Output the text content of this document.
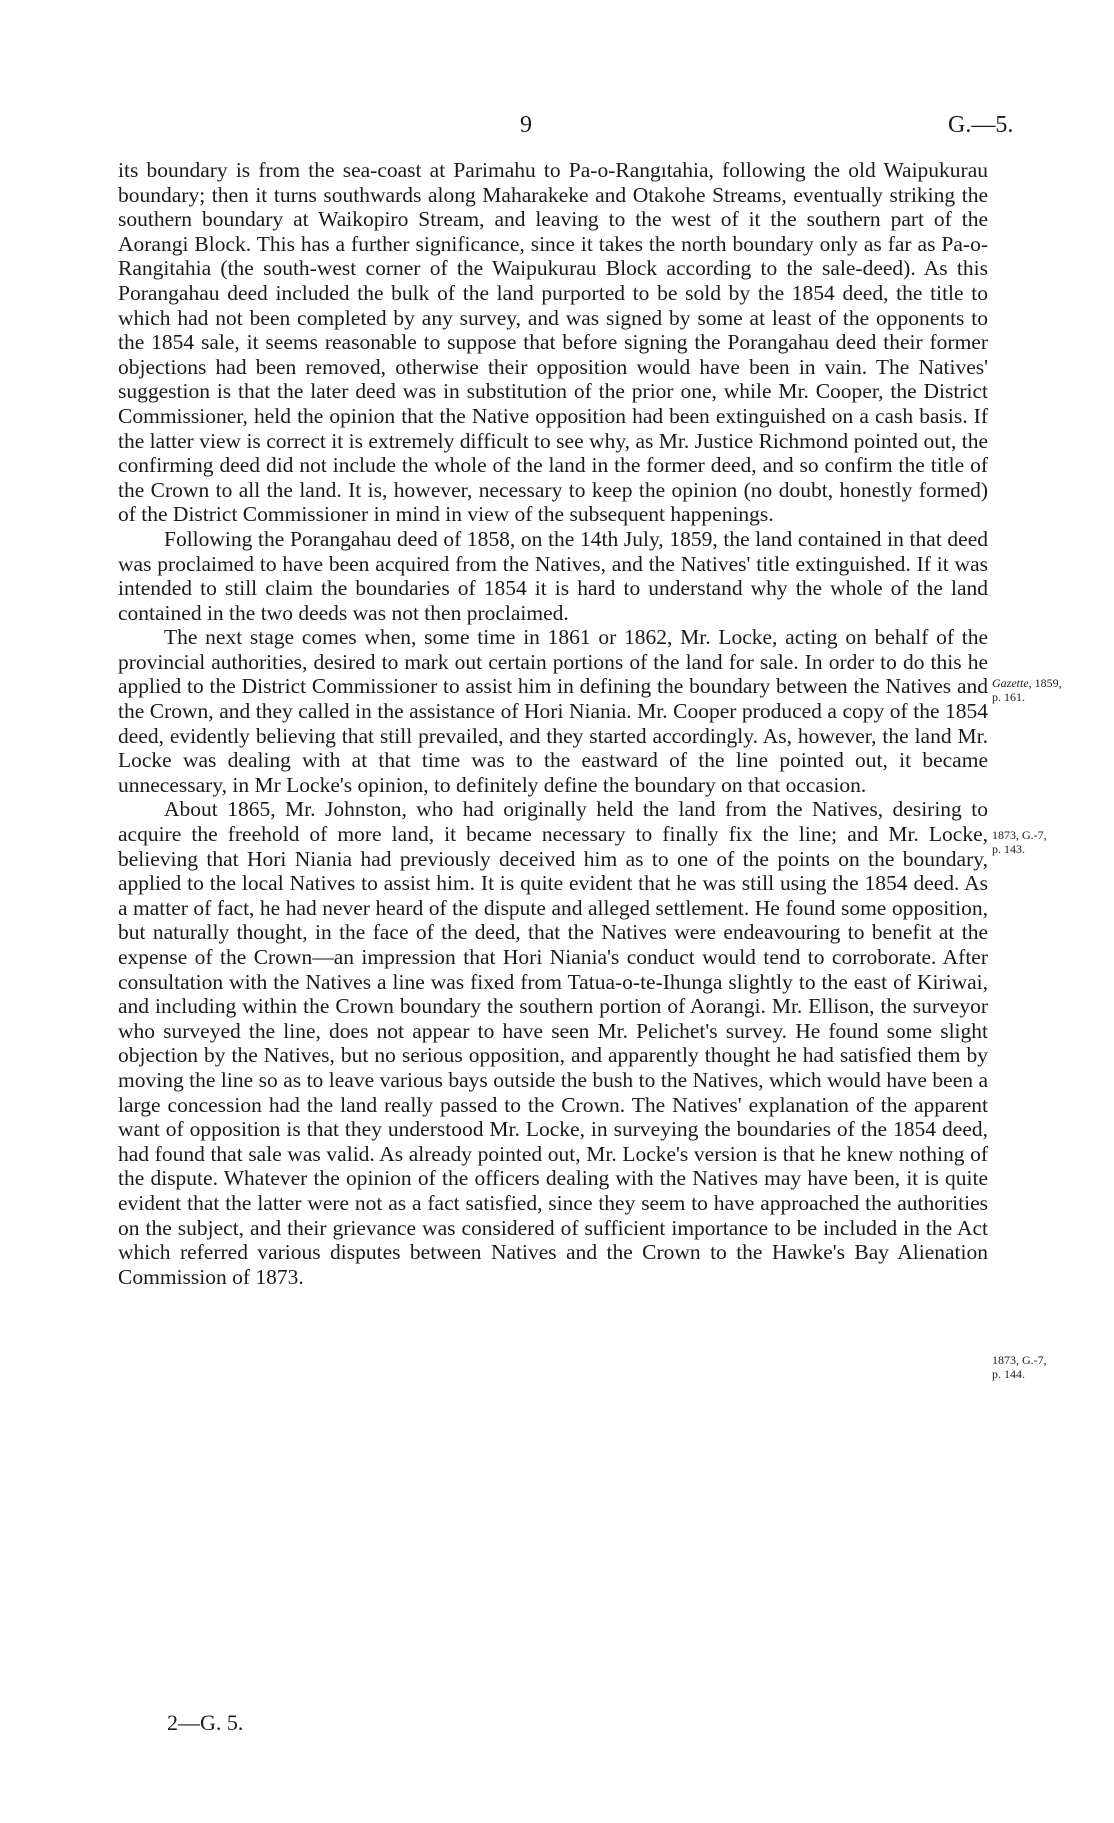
9	G.—5.

its boundary is from the sea-coast at Parimahu to Pa-o-Rangıtahia, following the old Waipukurau boundary; then it turns southwards along Maharakeke and Otakohe Streams, eventually striking the southern boundary at Waikopiro Stream, and leaving to the west of it the southern part of the Aorangi Block. This has a further significance, since it takes the north boundary only as far as Pa-o-Rangitahia (the south-west corner of the Waipukurau Block according to the sale-deed). As this Porangahau deed included the bulk of the land purported to be sold by the 1854 deed, the title to which had not been completed by any survey, and was signed by some at least of the opponents to the 1854 sale, it seems reasonable to suppose that before signing the Porangahau deed their former objections had been removed, otherwise their opposition would have been in vain. The Natives' suggestion is that the later deed was in substitution of the prior one, while Mr. Cooper, the District Commissioner, held the opinion that the Native opposition had been extinguished on a cash basis. If the latter view is correct it is extremely difficult to see why, as Mr. Justice Richmond pointed out, the confirming deed did not include the whole of the land in the former deed, and so confirm the title of the Crown to all the land. It is, however, necessary to keep the opinion (no doubt, honestly formed) of the District Commissioner in mind in view of the subsequent happenings.

Following the Porangahau deed of 1858, on the 14th July, 1859, the land contained in that deed was proclaimed to have been acquired from the Natives, and the Natives' title extinguished. If it was intended to still claim the boundaries of 1854 it is hard to understand why the whole of the land contained in the two deeds was not then proclaimed.

The next stage comes when, some time in 1861 or 1862, Mr. Locke, acting on behalf of the provincial authorities, desired to mark out certain portions of the land for sale. In order to do this he applied to the District Commissioner to assist him in defining the boundary between the Natives and the Crown, and they called in the assistance of Hori Niania. Mr. Cooper produced a copy of the 1854 deed, evidently believing that still prevailed, and they started accordingly. As, however, the land Mr. Locke was dealing with at that time was to the eastward of the line pointed out, it became unnecessary, in Mr Locke's opinion, to definitely define the boundary on that occasion.

About 1865, Mr. Johnston, who had originally held the land from the Natives, desiring to acquire the freehold of more land, it became necessary to finally fix the line; and Mr. Locke, believing that Hori Niania had previously deceived him as to one of the points on the boundary, applied to the local Natives to assist him. It is quite evident that he was still using the 1854 deed. As a matter of fact, he had never heard of the dispute and alleged settlement. He found some opposition, but naturally thought, in the face of the deed, that the Natives were endeavouring to benefit at the expense of the Crown—an impression that Hori Niania's conduct would tend to corroborate. After consultation with the Natives a line was fixed from Tatua-o-te-Ihunga slightly to the east of Kiriwai, and including within the Crown boundary the southern portion of Aorangi. Mr. Ellison, the surveyor who surveyed the line, does not appear to have seen Mr. Pelichet's survey. He found some slight objection by the Natives, but no serious opposition, and apparently thought he had satisfied them by moving the line so as to leave various bays outside the bush to the Natives, which would have been a large concession had the land really passed to the Crown. The Natives' explanation of the apparent want of opposition is that they understood Mr. Locke, in surveying the boundaries of the 1854 deed, had found that sale was valid. As already pointed out, Mr. Locke's version is that he knew nothing of the dispute. Whatever the opinion of the officers dealing with the Natives may have been, it is quite evident that the latter were not as a fact satisfied, since they seem to have approached the authorities on the subject, and their grievance was considered of sufficient importance to be included in the Act which referred various disputes between Natives and the Crown to the Hawke's Bay Alienation Commission of 1873.

Gazette, 1859,
p. 161.
1873, G.-7,
p. 143.
1873, G.-7,
p. 144.
2—G. 5.
